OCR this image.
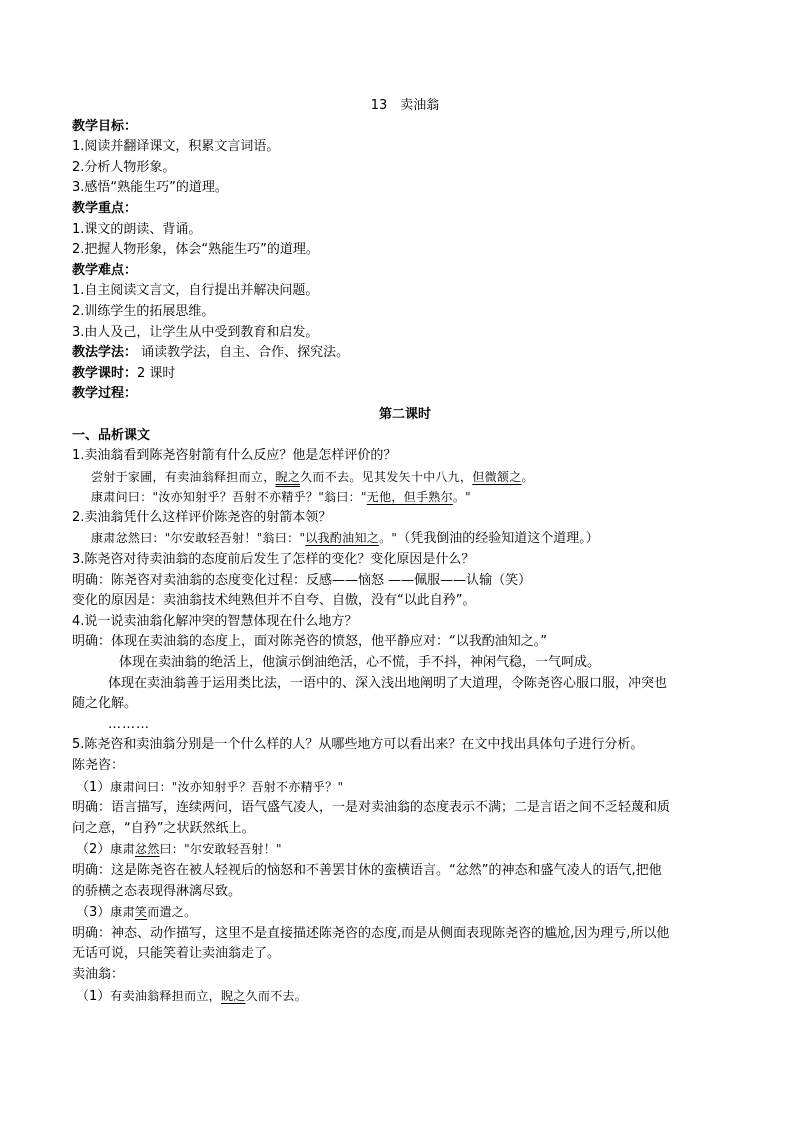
13　卖油翁
教学目标：
1.阅读并翻译课文，积累文言词语。
2.分析人物形象。
3.感悟“熟能生巧”的道理。
教学重点：
1.课文的朗读、背诵。
2.把握人物形象，体会“熟能生巧”的道理。
教学难点：
1.自主阅读文言文，自行提出并解决问题。
2.训练学生的拓展思维。
3.由人及己，让学生从中受到教育和启发。
教法学法： 诵读教学法，自主、合作、探究法。
教学课时：2 课时
教学过程：
第二课时
一、品析课文
1.卖油翁看到陈尧咨射箭有什么反应？他是怎样评价的？
尝射于家圃，有卖油翁释担而立，睨之久而不去。见其发矢十中八九，但微颔之。
康肃问曰："汝亦知射乎？吾射不亦精乎？"翁曰："无他，但手熟尔。"
2.卖油翁凭什么这样评价陈尧咨的射箭本领？
康肃忿然曰："尔安敢轻吾射！"翁曰："以我酌油知之。"（凭我倒油的经验知道这个道理。）
3.陈尧咨对待卖油翁的态度前后发生了怎样的变化？变化原因是什么？
明确：陈尧咨对卖油翁的态度变化过程：反感——恼怒 ——佩服——认输（笑）
变化的原因是：卖油翁技术纯熟但并不自夸、自傲，没有“以此自矜”。
4.说一说卖油翁化解冲突的智慧体现在什么地方？
明确：体现在卖油翁的态度上，面对陈尧咨的愤怒，他平静应对：“以我酌油知之。”
体现在卖油翁的绝活上，他演示倒油绝活，心不慌，手不抖，神闲气稳，一气呵成。
体现在卖油翁善于运用类比法，一语中的、深入浅出地阐明了大道理，令陈尧咨心服口服，冲突也
随之化解。
………
5.陈尧咨和卖油翁分别是一个什么样的人？从哪些地方可以看出来？在文中找出具体句子进行分析。
陈尧咨：
（1）康肃问曰："汝亦知射乎？吾射不亦精乎？"
明确：语言描写，连续两问，语气盛气凌人，一是对卖油翁的态度表示不满；二是言语之间不乏轻蔑和质
问之意，“自矜”之状跃然纸上。
（2）康肃忿然曰："尔安敢轻吾射！"
明确：这是陈尧咨在被人轻视后的恼怒和不善罢甘休的蛮横语言。“忿然”的神态和盛气凌人的语气,把他
的骄横之态表现得淋漓尽致。
（3）康肃笑而遣之。
明确：神态、动作描写，这里不是直接描述陈尧咨的态度,而是从侧面表现陈尧咨的尴尬,因为理亏,所以他
无话可说，只能笑着让卖油翁走了。
卖油翁：
（1）有卖油翁释担而立，睨之久而不去。
